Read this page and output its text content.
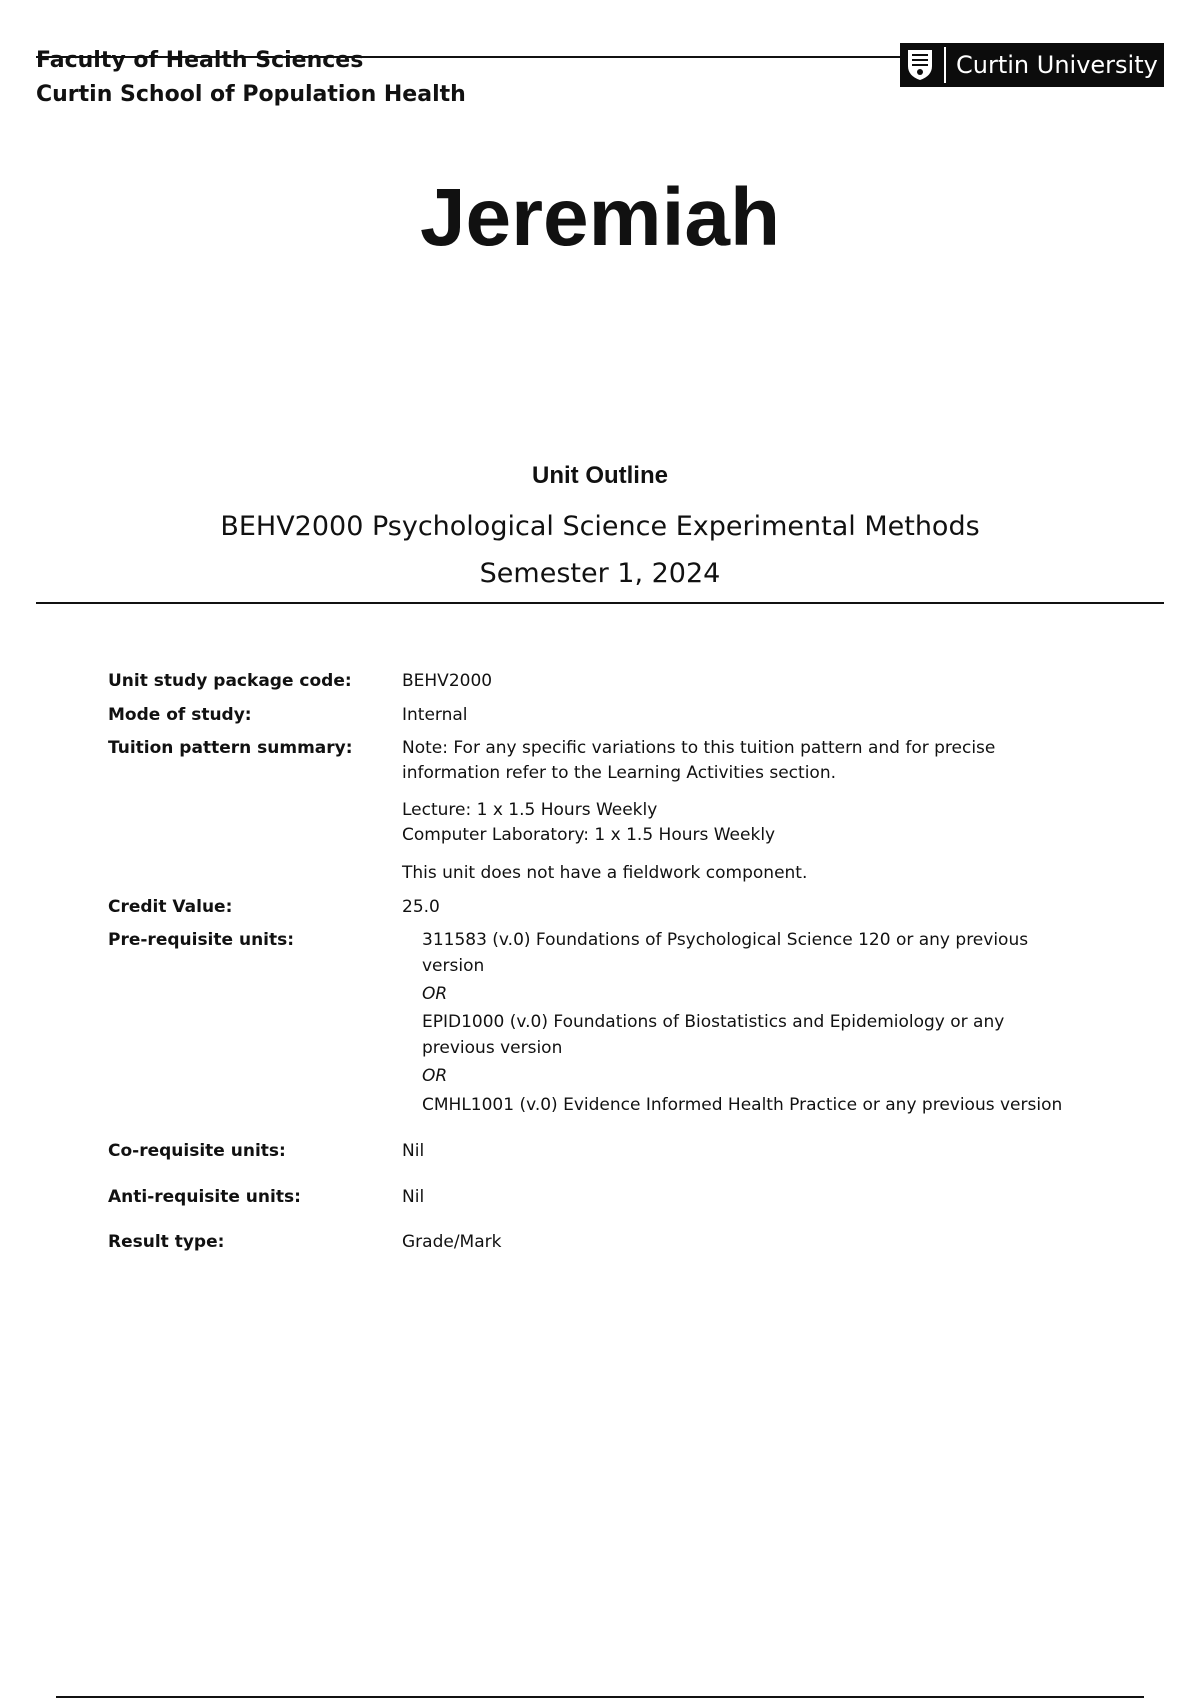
Faculty of Health Sciences

Curtin School of Population Health

Curtin University
Jeremiah
Unit Outline
BEHV2000 Psychological Science Experimental Methods
Semester 1, 2024
Unit study package code:	BEHV2000
Mode of study:	Internal
Tuition pattern summary:	Note: For any specific variations to this tuition pattern and for precise

information refer to the Learning Activities section.

Lecture: 1 x 1.5 Hours Weekly

Computer Laboratory: 1 x 1.5 Hours Weekly

This unit does not have a fieldwork component.

Credit Value:	25.0
Pre-requisite units:	311583 (v.0) Foundations of Psychological Science 120 or any previous

version

OR

EPID1000 (v.0) Foundations of Biostatistics and Epidemiology or any

previous version

OR

CMHL1001 (v.0) Evidence Informed Health Practice or any previous version

Co-requisite units:	Nil
Anti-requisite units:	Nil
Result type:	Grade/Mark
